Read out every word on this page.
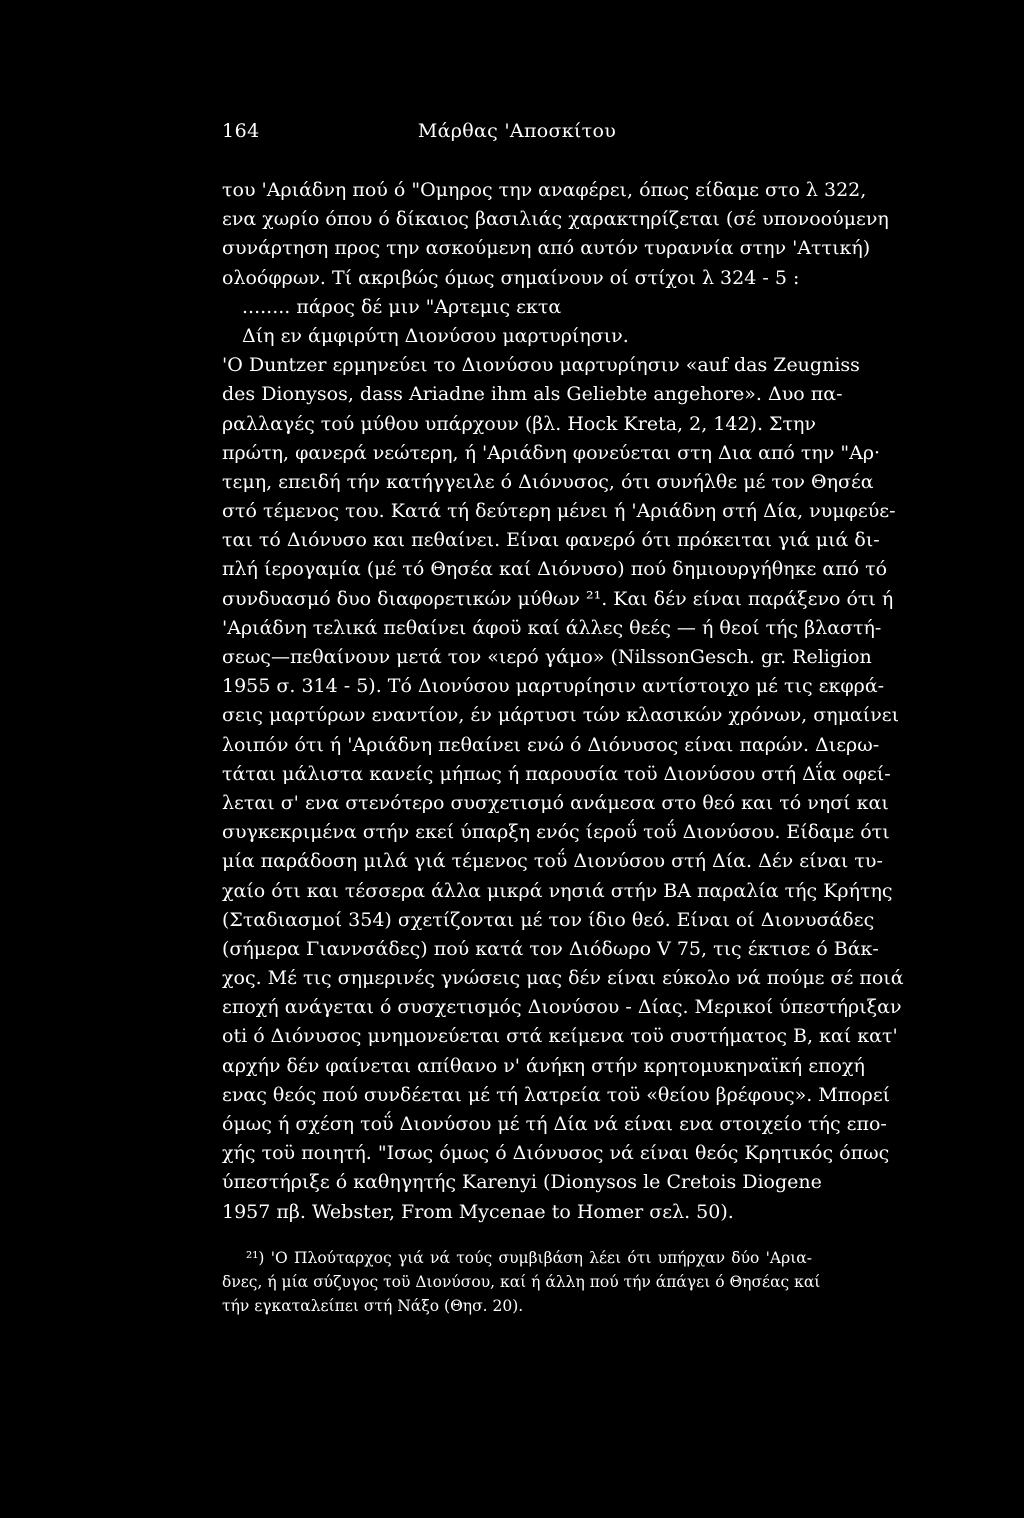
164	Μάρθας 'Αποσκίτου
του 'Αριάδνη πού ό "Ομηρος την αναφέρει, όπως είδαμε στο λ 322,
ενα χωρίο όπου ό δίκαιος βασιλιάς χαρακτηρίζεται (σέ υπονοούμενη
συνάρτηση προς την ασκούμενη από αυτόν τυραννία στην 'Αττική)
ολοόφρων. Τί ακριβώς όμως σημαίνουν οί στίχοι λ 324 - 5 :
........ πάρος δέ μιν "Αρτεμις εκτα
Δίη εν άμφιρύτη Διονύσου μαρτυρίησιν.
'Ο Duntzer ερμηνεύει το Διονύσου μαρτυρίησιν «auf das Zeugniss
des Dionysos, dass Ariadne ihm als Geliebte angehore». Δυο πα-
ραλλαγές τού μύθου υπάρχουν (βλ. Hock Kreta, 2, 142). Στην
πρώτη, φανερά νεώτερη, ή 'Αριάδνη φονεύεται στη Δια από την "Αρ·
τεμη, επειδή τήν κατήγγειλε ό Διόνυσος, ότι συνήλθε μέ τον Θησέα
στό τέμενος του. Κατά τή δεύτερη μένει ή 'Αριάδνη στή Δία, νυμφεύε-
ται τό Διόνυσο και πεθαίνει. Είναι φανερό ότι πρόκειται γιά μιά δι-
πλή ίερογαμία (μέ τό Θησέα καί Διόνυσο) πού δημιουργήθηκε από τό
συνδυασμό δυο διαφορετικών μύθων ²¹. Και δέν είναι παράξενο ότι ή
'Αριάδνη τελικά πεθαίνει άφοϋ καί άλλες θεές — ή θεοί τής βλαστή-
σεως—πεθαίνουν μετά τον «ιερό γάμο» (NilssonGesch. gr. Religion
1955 σ. 314 - 5). Τό Διονύσου μαρτυρίησιν αντίστοιχο μέ τις εκφρά-
σεις μαρτύρων εναντίον, έν μάρτυσι τών κλασικών χρόνων, σημαίνει
λοιπόν ότι ή 'Αριάδνη πεθαίνει ενώ ό Διόνυσος είναι παρών. Διερω-
τάται μάλιστα κανείς μήπως ή παρουσία τοϋ Διονύσου στή Δΐα οφεί-
λεται σ' ενα στενότερο συσχετισμό ανάμεσα στο θεό και τό νησί και
συγκεκριμένα στήν εκεί ύπαρξη ενός ίεροΰ τοΰ Διονύσου. Είδαμε ότι
μία παράδοση μιλά γιά τέμενος τοΰ Διονύσου στή Δία. Δέν είναι τυ-
χαίο ότι και τέσσερα άλλα μικρά νησιά στήν ΒΑ παραλία τής Κρήτης
(Σταδιασμοί 354) σχετίζονται μέ τον ίδιο θεό. Είναι οί Διονυσάδες
(σήμερα Γιαννσάδες) πού κατά τον Διόδωρο V 75, τις έκτισε ό Βάκ-
χος. Μέ τις σημερινές γνώσεις μας δέν είναι εύκολο νά πούμε σέ ποιά
εποχή ανάγεται ό συσχετισμός Διονύσου - Δίας. Μερικοί ύπεστήριξαν
oti ό Διόνυσος μνημονεύεται στά κείμενα τοϋ συστήματος Β, καί κατ'
αρχήν δέν φαίνεται απίθανο ν' άνήκη στήν κρητομυκηναϊκή εποχή
ενας θεός πού συνδέεται μέ τή λατρεία τοϋ «θείου βρέφους». Μπορεί
όμως ή σχέση τοΰ Διονύσου μέ τή Δία νά είναι ενα στοιχείο τής επο-
χής τοϋ ποιητή. "Ισως όμως ό Διόνυσος νά είναι θεός Κρητικός όπως
ύπεστήριξε ό καθηγητής Karenyi (Dionysos le Cretois Diogene
1957 πβ. Webster, From Mycenae to Homer σελ. 50).
²¹) 'Ο Πλούταρχος γιά νά τούς συμβιβάση λέει ότι υπήρχαν δύο 'Αρια-
δνες, ή μία σύζυγος τοϋ Διονύσου, καί ή άλλη πού τήν άπάγει ό Θησέας καί
τήν εγκαταλείπει στή Νάξο (Θησ. 20).
